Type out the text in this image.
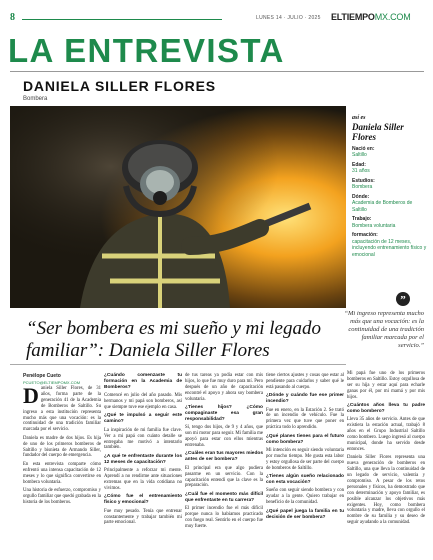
8	LUNES 14 · JULIO · 2025 ELTIEMPOMX.COM
LA ENTREVISTA
DANIELA SILLER FLORES
Bombera
así es
Daniela Siller Flores
Nació en:
Saltillo
Edad:
31 años
Estudios:
Bombera
Dónde:
Academia de Bomberos de Saltillo
Trabajo:
Bombera voluntaria
formación:
capacitación de 12 meses, incluyendo entrenamiento físico y emocional
“Ser bombera es mi sueño y mi legado familiar”: Daniela Siller Flores
”
“Mi ingreso representa mucho más que una vocación: es la continuidad de una tradición familiar marcada por el servicio.”
Penélope Cueto
PCUETO@ELTIEMPOMX.COM

Daniela Siller Flores, de 31 años, forma parte de la generación 41 de la Academia de Bomberos de Saltillo. Su ingreso a esta institución representa mucho más que una vocación: es la continuidad de una tradición familiar marcada por el servicio.

Daniela es madre de dos hijos. Es hija de uno de los primeros bomberos de Saltillo y bisnieta de Armando Siller, fundador del cuerpo de emergencia.

En esta entrevista comparte cómo enfrentó una intensa capacitación de 12 meses y lo que significa convertirse en bombera voluntaria.

Una historia de esfuerzo, compromiso y orgullo familiar que quedó grabada en la historia de los bomberos.

¿Cuándo comenzaste tu formación en la Academia de Bomberos?

Comencé en julio del año pasado. Mis hermanos y mi papá son bomberos, así que siempre tuve ese ejemplo en casa.

¿Qué te impulsó a seguir este camino?

La inspiración de mi familia fue clave. Ver a mi papá con cuánto detalle se entregaba me motivó a intentarlo también.

¿A qué te enfrentaste durante los 12 meses de capacitación?

Principalmente a reforzar mi mente. Aprendí a no rendirme ante situaciones extremas que en la vida cotidiana no vivimos.

¿Cómo fue el entrenamiento físico y emocional?

Fue muy pesado. Tenía que entrenar constantemente y trabajar también mi parte emocional.

de tus tareas ya podía estar con mis hijos, lo que fue muy duro para mí. Pero después de un año de capacitación encontré el apoyo y ahora soy bombera voluntaria.

¿Tienes hijos? ¿Cómo compaginaste esa gran responsabilidad?

Sí, tengo dos hijos, de 9 y 4 años, que son mi motor para seguir. Mi familia me apoyó para estar con ellos mientras entrenaba.

¿Cuáles eran tus mayores miedos antes de ser bombera?

El principal era que algo pudiera pasarme en un servicio. Con la capacitación entendí que la clave es la preparación.

¿Cuál fue el momento más difícil que enfrentaste en tu carrera?

El primer incendio fue el más difícil porque nunca lo habíamos practicado con fuego real. Sentirlo en el cuerpo fue muy fuerte.

tiene ciertos ajustes y cosas que estar al pendiente para cuidarlos y saber qué le está pasando al cuerpo.

¿Dónde y cuándo fue ese primer incendio?

Fue en enero, en la Estación 2. Se trató de un incendio de vehículo. Fue la primera vez que tuve que poner en práctica todo lo aprendido.

¿Qué planes tienes para el futuro como bombera?

Mi intención es seguir siendo voluntaria por mucho tiempo. Me gusta esta labor y estoy orgullosa de ser parte del cuerpo de bomberos de Saltillo.

¿Tienes algún sueño relacionado con esta vocación?

Sueño con seguir siendo bombera y con ayudar a la gente. Quiero trabajar en beneficio de la comunidad.

¿Qué papel juega la familia en tu decisión de ser bombera?

Mi papá fue uno de los primeros bomberos en Saltillo. Estoy orgullosa de ser su hija y estar aquí para echarle ganas por él, por mi mamá y por mis hijos.

¿Cuántos años lleva tu padre como bombero?

Lleva 35 años de servicio. Antes de que existiera la estación actual, trabajó 8 años en el Grupo Industrial Saltillo como bombero. Luego ingresó al cuerpo municipal, donde ha servido desde entonces.

Daniela Siller Flores representa una nueva generación de bomberos en Saltillo, una que lleva la continuidad de un legado de servicio, valentía y compromiso. A pesar de los retos personales y físicos, ha demostrado que con determinación y apoyo familiar, es posible alcanzar los objetivos más exigentes. Hoy, como bombera voluntaria y madre, lleva con orgullo el nombre de su familia y su deseo de seguir ayudando a la comunidad.
